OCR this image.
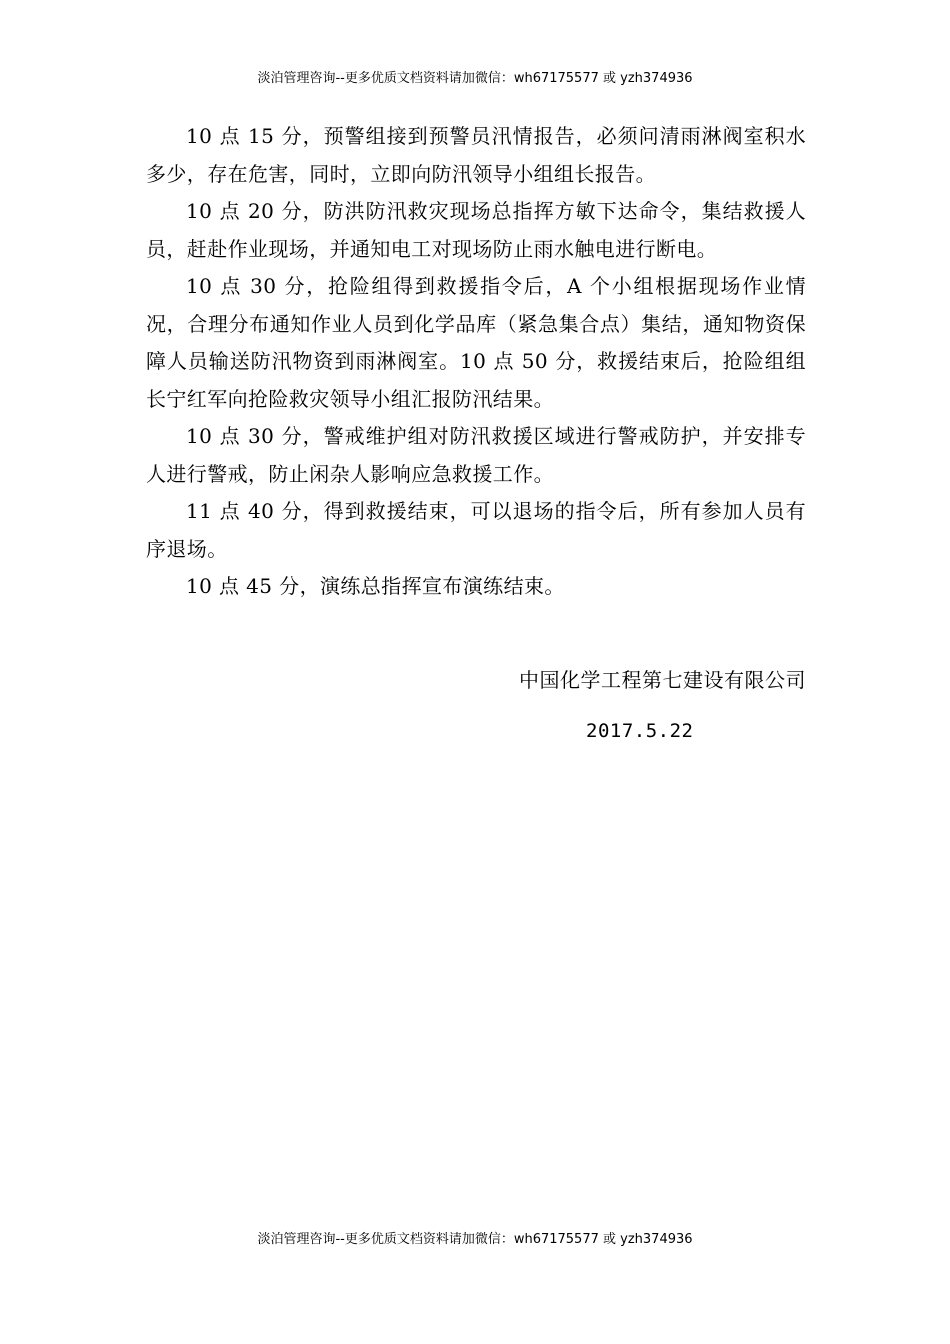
淡泊管理咨询--更多优质文档资料请加微信：wh67175577 或 yzh374936

10 点 15 分，预警组接到预警员汛情报告，必须问清雨淋阀室积水多少，存在危害，同时，立即向防汛领导小组组长报告。

10 点 20 分，防洪防汛救灾现场总指挥方敏下达命令，集结救援人员，赶赴作业现场，并通知电工对现场防止雨水触电进行断电。

10 点 30 分，抢险组得到救援指令后，A 个小组根据现场作业情况，合理分布通知作业人员到化学品库（紧急集合点）集结，通知物资保障人员输送防汛物资到雨淋阀室。10 点 50 分，救援结束后，抢险组组长宁红军向抢险救灾领导小组汇报防汛结果。

10 点 30 分，警戒维护组对防汛救援区域进行警戒防护，并安排专人进行警戒，防止闲杂人影响应急救援工作。

11 点 40 分，得到救援结束，可以退场的指令后，所有参加人员有序退场。

10 点 45 分，演练总指挥宣布演练结束。

中国化学工程第七建设有限公司
2017.5.22
淡泊管理咨询--更多优质文档资料请加微信：wh67175577 或 yzh374936
